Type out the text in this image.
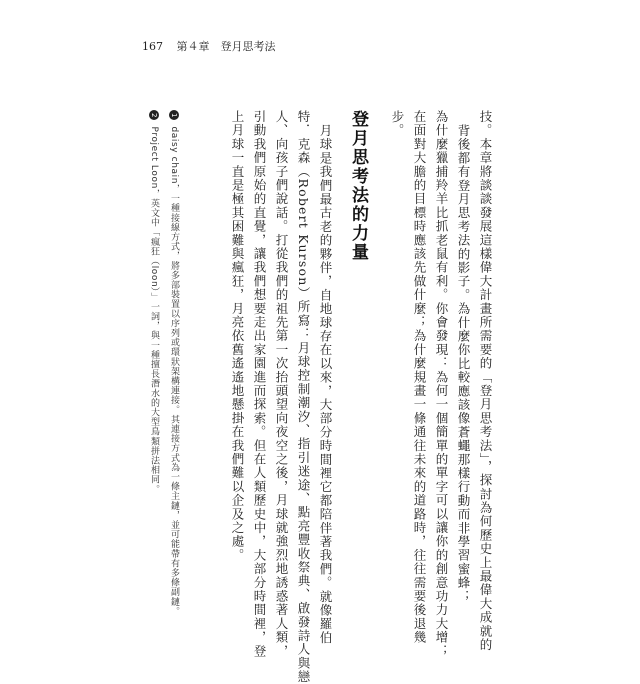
167 第４章　登月思考法
技。本章將談談發展這樣偉大計畫所需要的「登月思考法」，探討為何歷史上最偉大成就的
背後都有登月思考法的影子。為什麼你比較應該像蒼蠅那樣行動而非學習蜜蜂；
為什麼獵捕羚羊比抓老鼠有利。你會發現：為何一個簡單的單字可以讓你的創意功力大增；
在面對大膽的目標時應該先做什麼；為什麼規畫一條通往未來的道路時，往往需要後退幾
步。
登月思考法的力量
月球是我們最古老的夥伴，自地球存在以來，大部分時間裡它都陪伴著我們。就像羅伯
特．克森（Robert Kurson）所寫：月球控制潮汐、指引迷途、點亮豐收祭典、啟發詩人與戀
人、向孩子們說話。打從我們的祖先第一次抬頭望向夜空之後，月球就強烈地誘惑著人類，
引動我們原始的直覺，讓我們想要走出家園進而探索。但在人類歷史中，大部分時間裡，登
上月球一直是極其困難與瘋狂，月亮依舊遙遙地懸掛在我們難以企及之處。
1 daisy chain，一種接線方式，將多部裝置以序列或環狀架構連接。其連接方式為一條主鏈，並可能帶有多條副鏈。
2 Project Loon，英文中「瘋狂（loon）」一詞，與一種擅長潛水的大型鳥類拼法相同。
